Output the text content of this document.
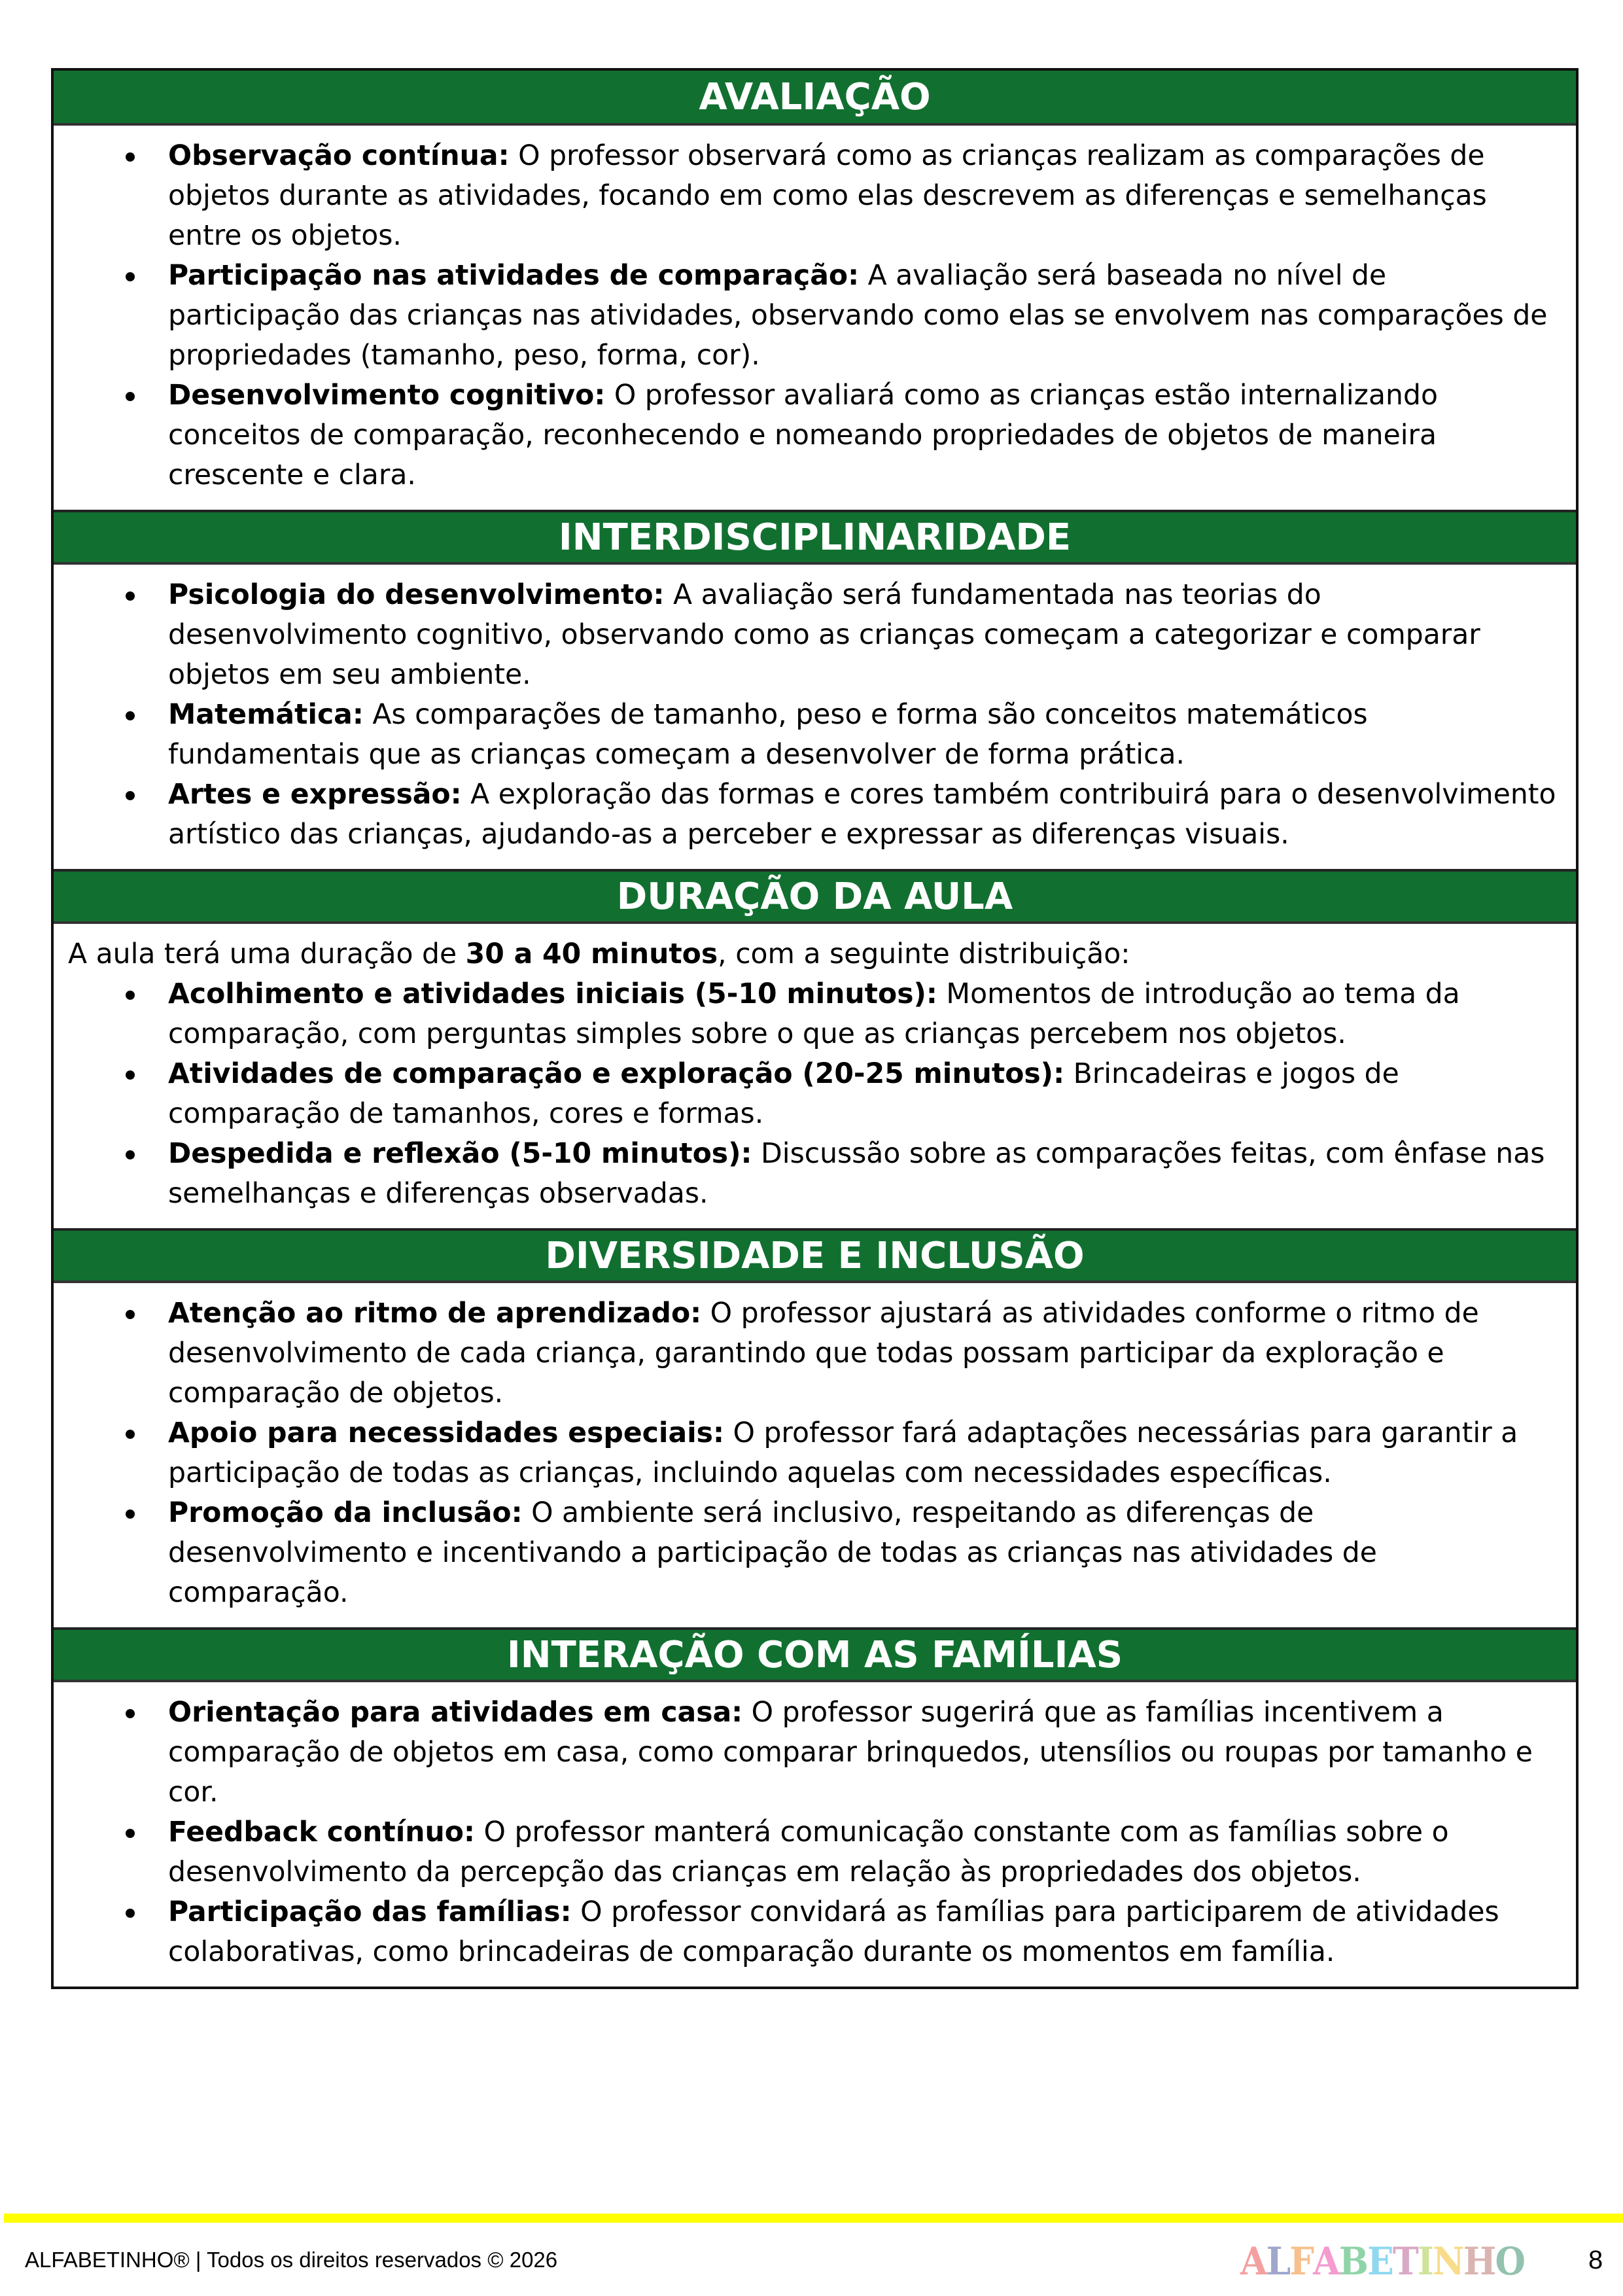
AVALIAÇÃO
Observação contínua: O professor observará como as crianças realizam as comparações de objetos durante as atividades, focando em como elas descrevem as diferenças e semelhanças entre os objetos.
Participação nas atividades de comparação: A avaliação será baseada no nível de participação das crianças nas atividades, observando como elas se envolvem nas comparações de propriedades (tamanho, peso, forma, cor).
Desenvolvimento cognitivo: O professor avaliará como as crianças estão internalizando conceitos de comparação, reconhecendo e nomeando propriedades de objetos de maneira crescente e clara.
INTERDISCIPLINARIDADE
Psicologia do desenvolvimento: A avaliação será fundamentada nas teorias do desenvolvimento cognitivo, observando como as crianças começam a categorizar e comparar objetos em seu ambiente.
Matemática: As comparações de tamanho, peso e forma são conceitos matemáticos fundamentais que as crianças começam a desenvolver de forma prática.
Artes e expressão: A exploração das formas e cores também contribuirá para o desenvolvimento artístico das crianças, ajudando-as a perceber e expressar as diferenças visuais.
DURAÇÃO DA AULA

A aula terá uma duração de 30 a 40 minutos, com a seguinte distribuição:

Acolhimento e atividades iniciais (5-10 minutos): Momentos de introdução ao tema da comparação, com perguntas simples sobre o que as crianças percebem nos objetos.
Atividades de comparação e exploração (20-25 minutos): Brincadeiras e jogos de comparação de tamanhos, cores e formas.
Despedida e reflexão (5-10 minutos): Discussão sobre as comparações feitas, com ênfase nas semelhanças e diferenças observadas.
DIVERSIDADE E INCLUSÃO
Atenção ao ritmo de aprendizado: O professor ajustará as atividades conforme o ritmo de desenvolvimento de cada criança, garantindo que todas possam participar da exploração e comparação de objetos.
Apoio para necessidades especiais: O professor fará adaptações necessárias para garantir a participação de todas as crianças, incluindo aquelas com necessidades específicas.
Promoção da inclusão: O ambiente será inclusivo, respeitando as diferenças de desenvolvimento e incentivando a participação de todas as crianças nas atividades de comparação.
INTERAÇÃO COM AS FAMÍLIAS
Orientação para atividades em casa: O professor sugerirá que as famílias incentivem a comparação de objetos em casa, como comparar brinquedos, utensílios ou roupas por tamanho e cor.
Feedback contínuo: O professor manterá comunicação constante com as famílias sobre o desenvolvimento da percepção das crianças em relação às propriedades dos objetos.
Participação das famílias: O professor convidará as famílias para participarem de atividades colaborativas, como brincadeiras de comparação durante os momentos em família.
ALFABETINHO® | Todos os direitos reservados © 2026	ALFABETINHO 8
